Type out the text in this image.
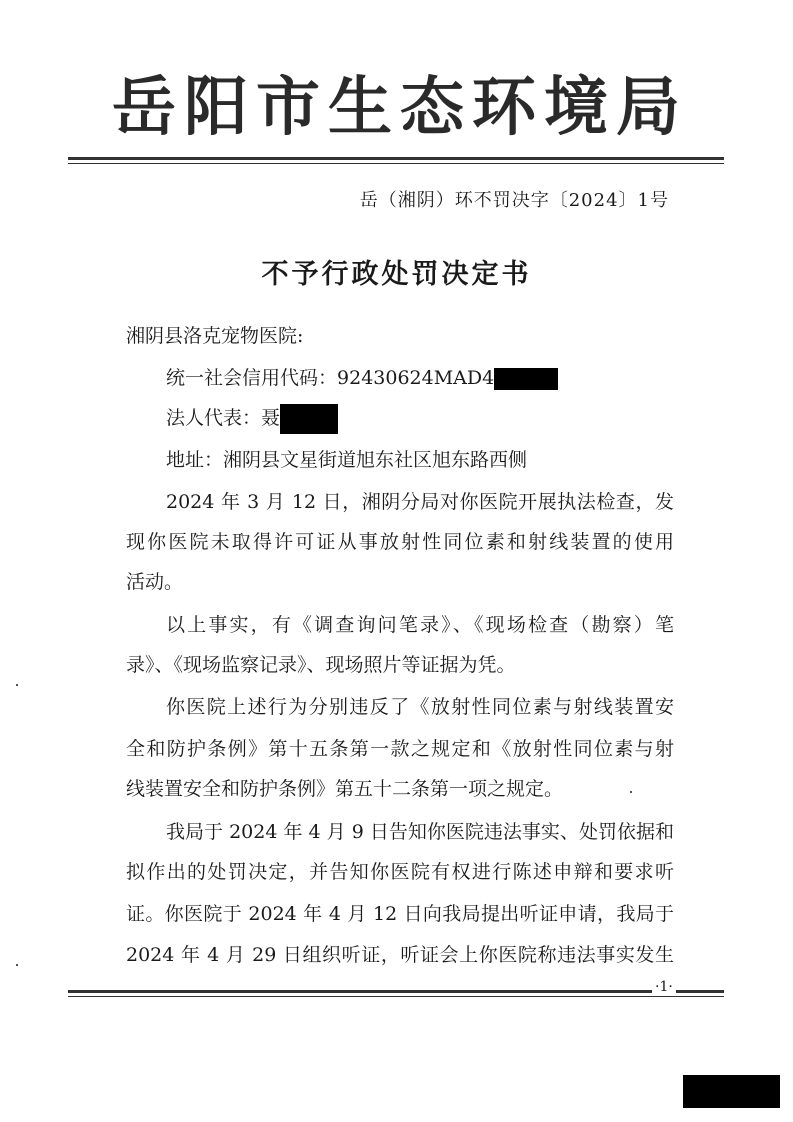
岳阳市生态环境局
岳（湘阴）环不罚决字〔2024〕1号
不予行政处罚决定书
湘阴县洛克宠物医院:
统一社会信用代码：92430624MAD4
法人代表：聂
地址：湘阴县文星街道旭东社区旭东路西侧
2024 年 3 月 12 日，湘阴分局对你医院开展执法检查，发
现你医院未取得许可证从事放射性同位素和射线装置的使用
活动。
以上事实，有《调查询问笔录》、《现场检查（勘察）笔
录》、《现场监察记录》、现场照片等证据为凭。
你医院上述行为分别违反了《放射性同位素与射线装置安
全和防护条例》第十五条第一款之规定和《放射性同位素与射
线装置安全和防护条例》第五十二条第一项之规定。
我局于 2024 年 4 月 9 日告知你医院违法事实、处罚依据和
拟作出的处罚决定，并告知你医院有权进行陈述申辩和要求听
证。你医院于 2024 年 4 月 12 日向我局提出听证申请，我局于
2024 年 4 月 29 日组织听证，听证会上你医院称违法事实发生
·1·
